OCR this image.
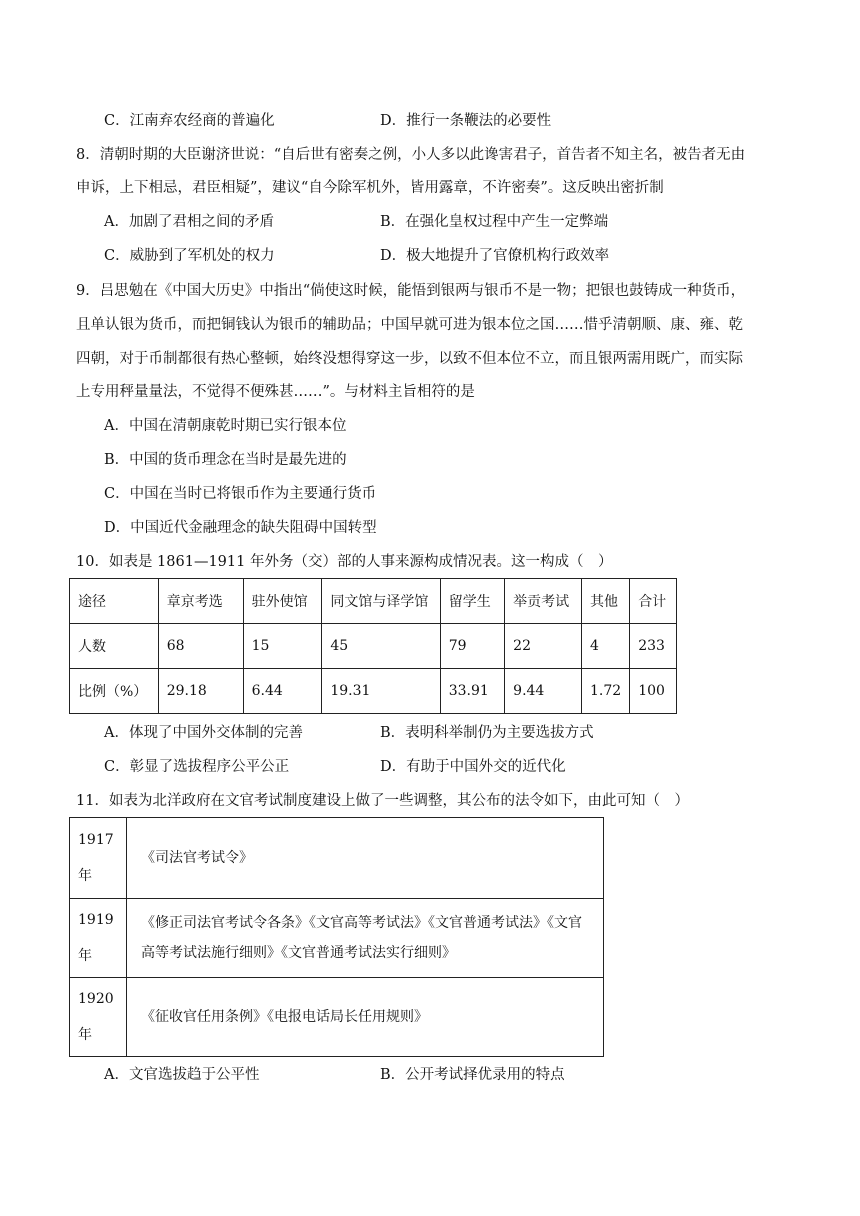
C．江南弃农经商的普遍化	D．推行一条鞭法的必要性
8．清朝时期的大臣谢济世说：“自后世有密奏之例，小人多以此谗害君子，首告者不知主名，被告者无由
申诉，上下相忌，君臣相疑”，建议“自今除军机外，皆用露章，不许密奏”。这反映出密折制
A．加剧了君相之间的矛盾	B．在强化皇权过程中产生一定弊端
C．威胁到了军机处的权力	D．极大地提升了官僚机构行政效率
9．吕思勉在《中国大历史》中指出“倘使这时候，能悟到银两与银币不是一物；把银也鼓铸成一种货币，
且单认银为货币，而把铜钱认为银币的辅助品；中国早就可进为银本位之国……惜乎清朝顺、康、雍、乾
四朝，对于币制都很有热心整顿，始终没想得穿这一步，以致不但本位不立，而且银两需用既广，而实际
上专用秤量量法，不觉得不便殊甚……”。与材料主旨相符的是
A．中国在清朝康乾时期已实行银本位
B．中国的货币理念在当时是最先进的
C．中国在当时已将银币作为主要通行货币
D．中国近代金融理念的缺失阻碍中国转型
10．如表是 1861—1911 年外务（交）部的人事来源构成情况表。这一构成（　）
途径	章京考选	驻外使馆	同文馆与译学馆	留学生	举贡考试	其他	合计
人数	68	15	45	79	22	4	233
比例（%）	29.18	6.44	19.31	33.91	9.44	1.72	100
A．体现了中国外交体制的完善	B．表明科举制仍为主要选拔方式
C．彰显了选拔程序公平公正	D．有助于中国外交的近代化
11．如表为北洋政府在文官考试制度建设上做了一些调整，其公布的法令如下，由此可知（　）
1917
年	《司法官考试令》

1919
年	《修正司法官考试令各条》《文官高等考试法》《文官普通考试法》《文官高等考试法施行细则》《文官普通考试法实行细则》

1920
年	《征收官任用条例》《电报电话局长任用规则》
A．文官选拔趋于公平性	B．公开考试择优录用的特点
